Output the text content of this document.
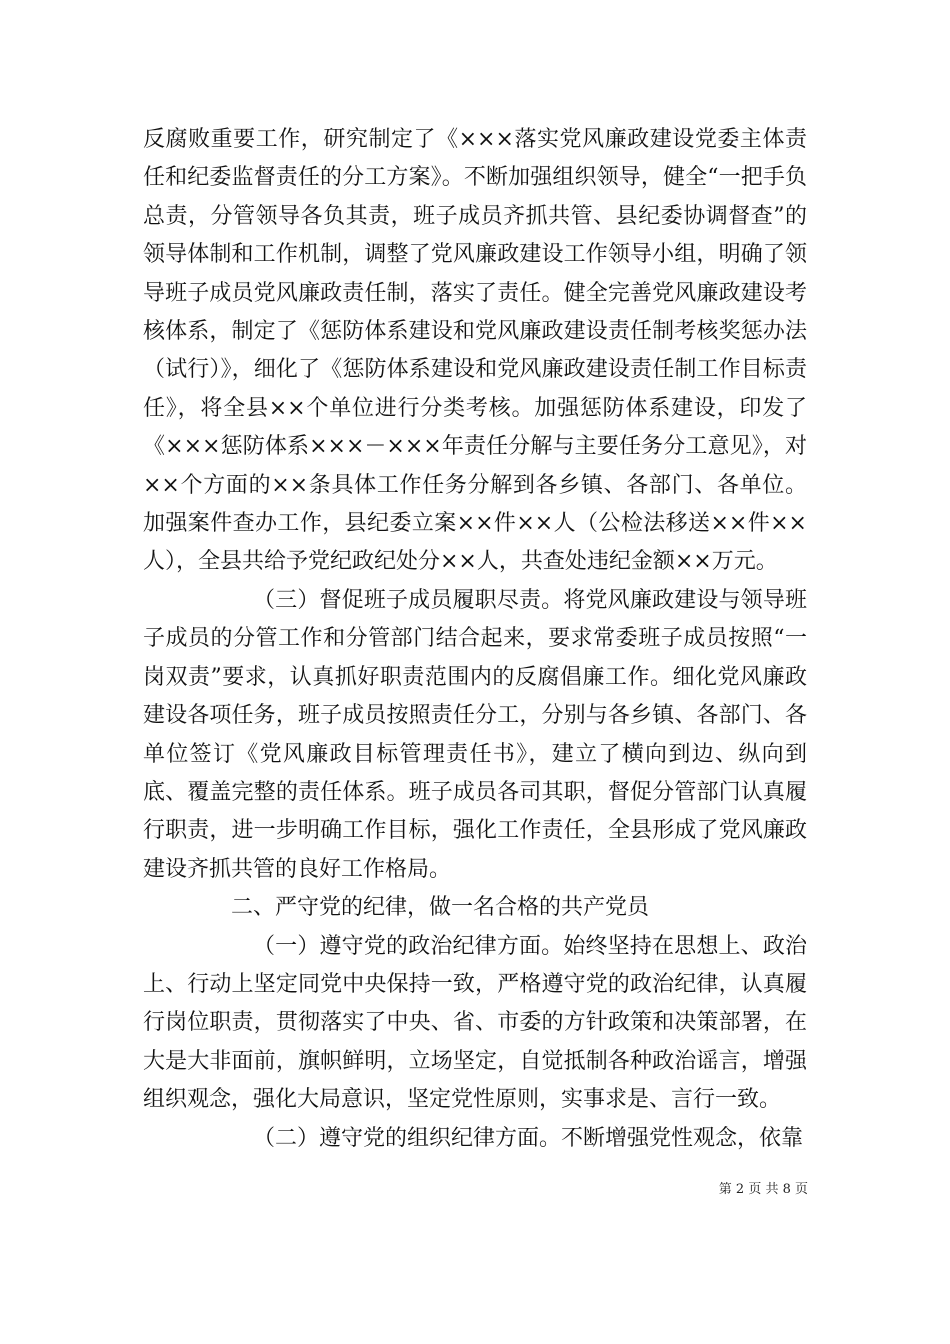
反腐败重要工作，研究制定了《×××落实党风廉政建设党委主体责任和纪委监督责任的分工方案》。不断加强组织领导，健全“一把手负总责，分管领导各负其责，班子成员齐抓共管、县纪委协调督查”的领导体制和工作机制，调整了党风廉政建设工作领导小组，明确了领导班子成员党风廉政责任制，落实了责任。健全完善党风廉政建设考核体系，制定了《惩防体系建设和党风廉政建设责任制考核奖惩办法（试行）》，细化了《惩防体系建设和党风廉政建设责任制工作目标责任》，将全县××个单位进行分类考核。加强惩防体系建设，印发了《×××惩防体系×××－×××年责任分解与主要任务分工意见》，对××个方面的××条具体工作任务分解到各乡镇、各部门、各单位。加强案件查办工作，县纪委立案××件××人（公检法移送××件××人），全县共给予党纪政纪处分××人，共查处违纪金额××万元。

（三）督促班子成员履职尽责。将党风廉政建设与领导班子成员的分管工作和分管部门结合起来，要求常委班子成员按照“一岗双责”要求，认真抓好职责范围内的反腐倡廉工作。细化党风廉政建设各项任务，班子成员按照责任分工，分别与各乡镇、各部门、各单位签订《党风廉政目标管理责任书》，建立了横向到边、纵向到底、覆盖完整的责任体系。班子成员各司其职，督促分管部门认真履行职责，进一步明确工作目标，强化工作责任，全县形成了党风廉政建设齐抓共管的良好工作格局。

二、严守党的纪律，做一名合格的共产党员

（一）遵守党的政治纪律方面。始终坚持在思想上、政治上、行动上坚定同党中央保持一致，严格遵守党的政治纪律，认真履行岗位职责，贯彻落实了中央、省、市委的方针政策和决策部署，在大是大非面前，旗帜鲜明，立场坚定，自觉抵制各种政治谣言，增强组织观念，强化大局意识，坚定党性原则，实事求是、言行一致。

（二）遵守党的组织纪律方面。不断增强党性观念，依靠

第 2 页 共 8 页
